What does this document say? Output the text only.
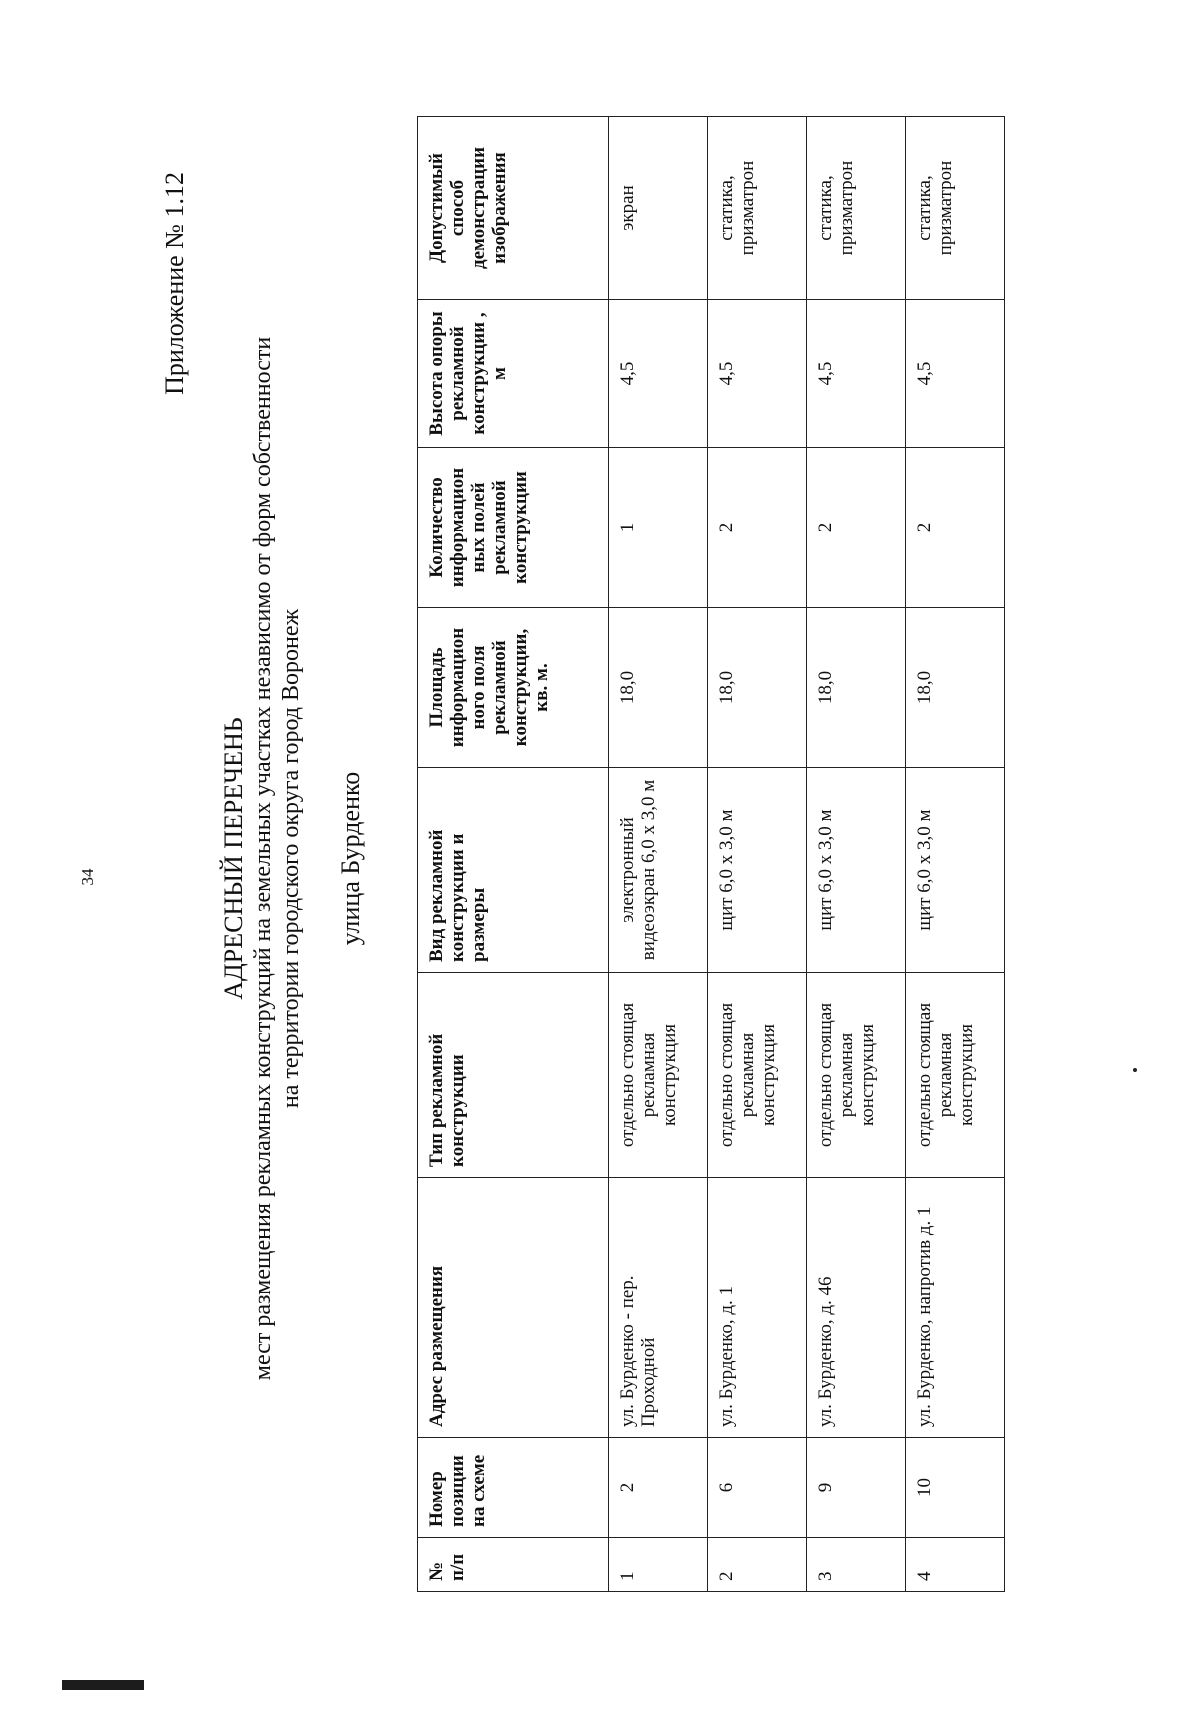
34
Приложение № 1.12
АДРЕСНЫЙ ПЕРЕЧЕНЬ мест размещения рекламных конструкций на земельных участках независимо от форм собственности на территории городского округа город Воронеж улица Бурденко
№ п/п	Номер позиции на схеме	Адрес размещения	Тип рекламной конструкции	Вид рекламной конструкции и размеры	Площадь информацион ного поля рекламной конструкции, кв. м.	Количество информацион ных полей рекламной конструкции	Высота опоры рекламной конструкции , м	Допустимый способ демонстрации изображения
1	2	ул. Бурденко - пер. Проходной	отдельно стоящая рекламная конструкция	электронный видеоэкран 6,0 х 3,0 м	18,0	1	4,5	экран
2	6	ул. Бурденко, д. 1	отдельно стоящая рекламная конструкция	щит 6,0 х 3,0 м	18,0	2	4,5	статика, призматрон
3	9	ул. Бурденко, д. 46	отдельно стоящая рекламная конструкция	щит 6,0 х 3,0 м	18,0	2	4,5	статика, призматрон
4	10	ул. Бурденко, напротив д. 1	отдельно стоящая рекламная конструкция	щит 6,0 х 3,0 м	18,0	2	4,5	статика, призматрон
